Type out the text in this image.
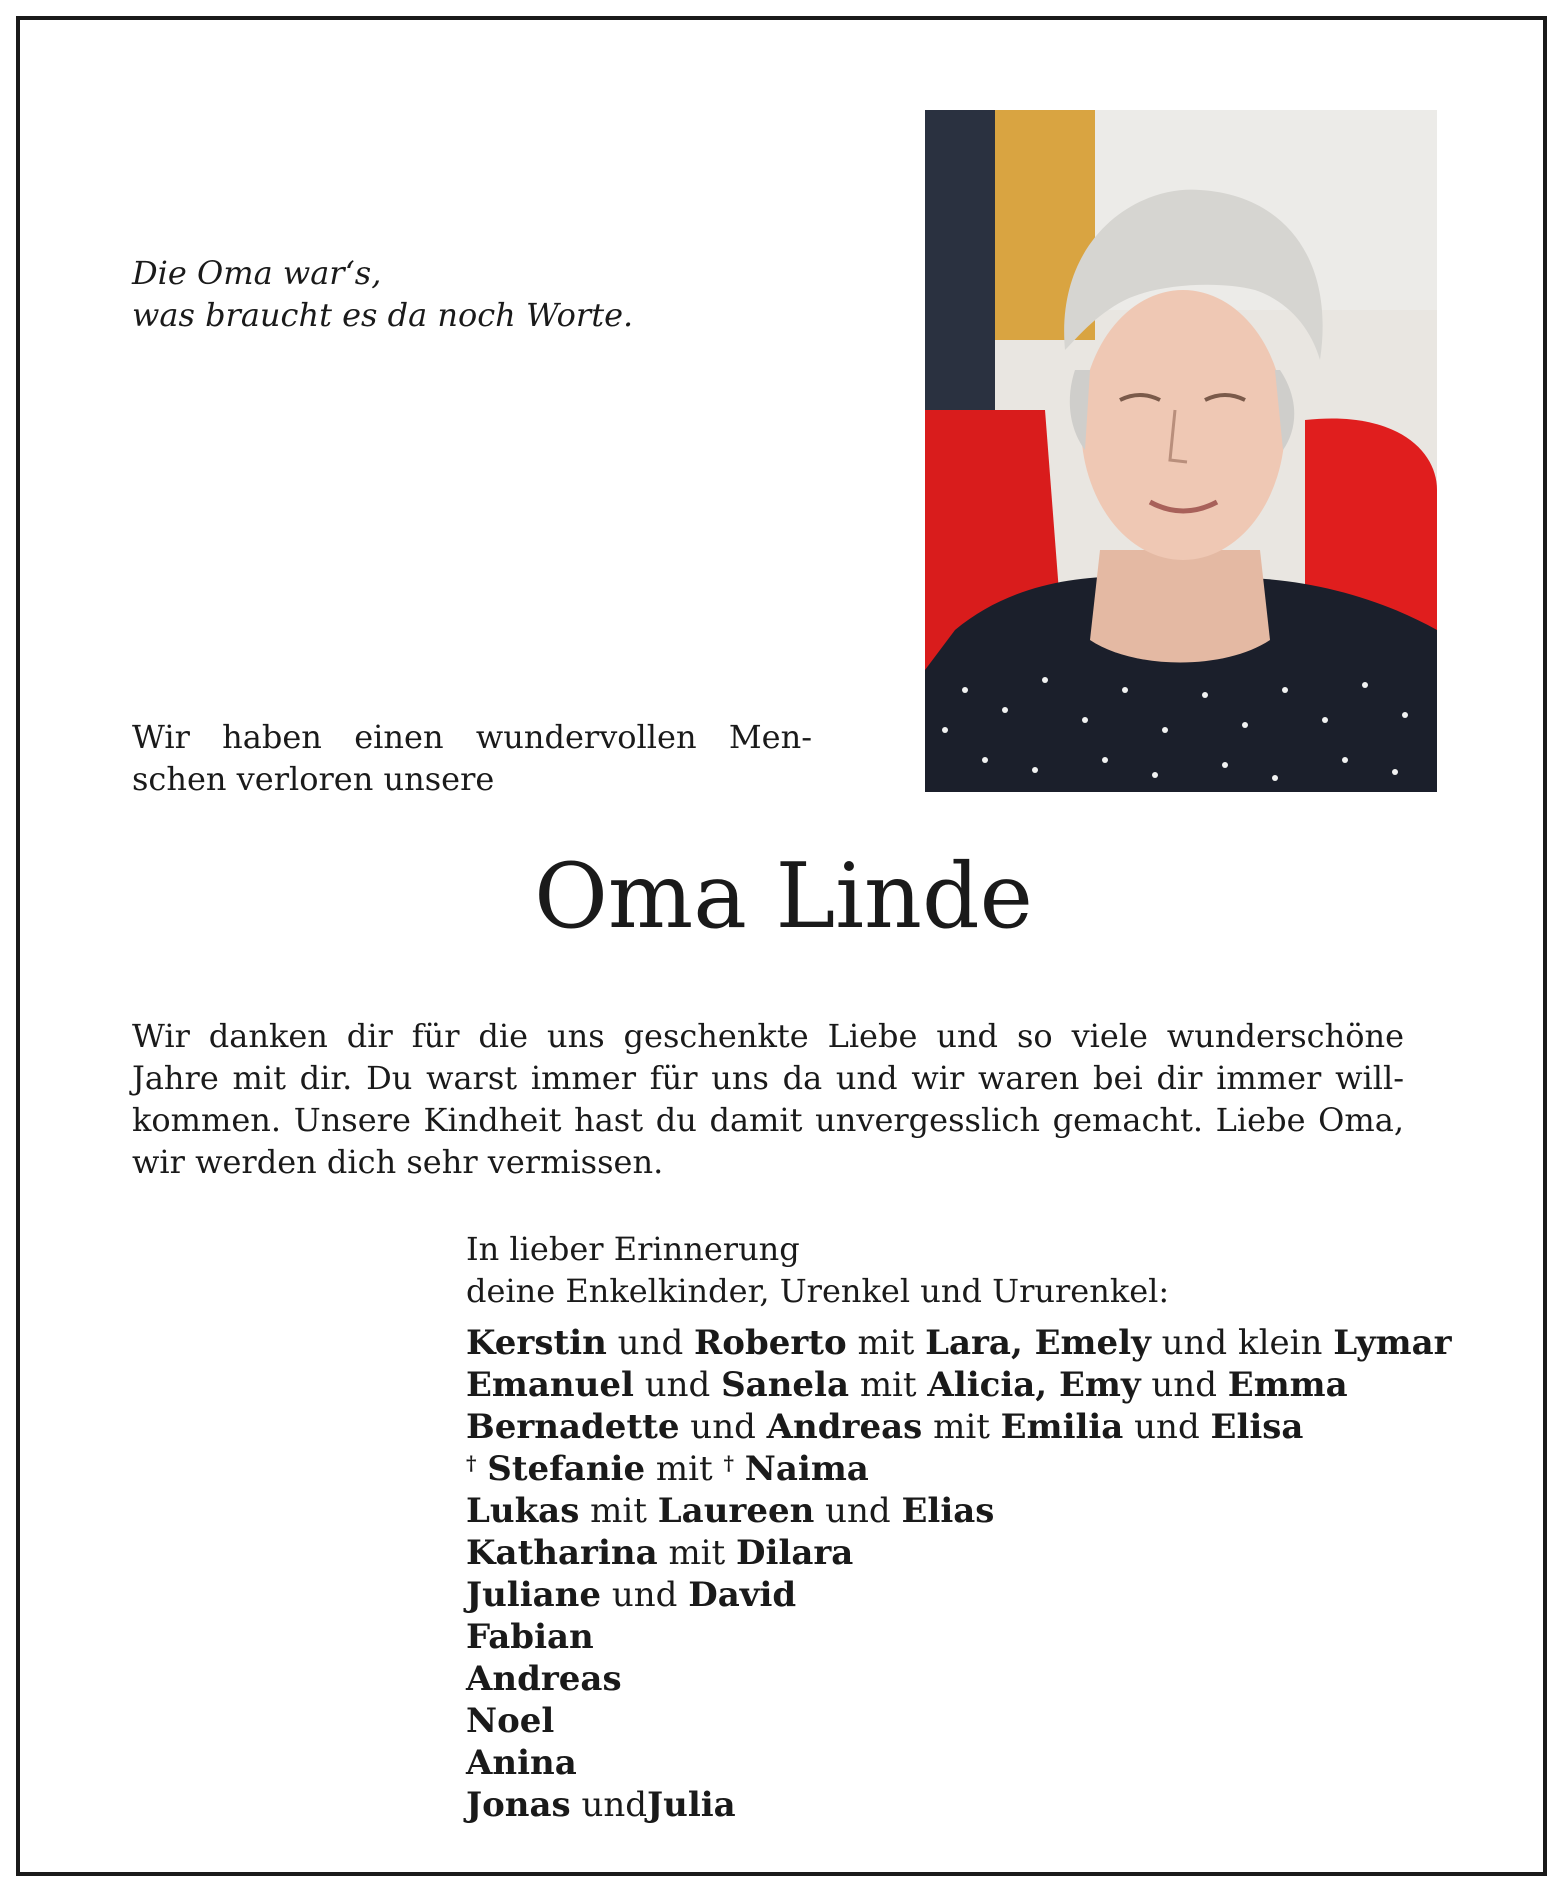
Die Oma war‘s,
was braucht es da noch Worte.

Wir haben einen wundervollen Men-
schen verloren unsere

Oma Linde

Wir danken dir für die uns geschenkte Liebe und so viele wunderschöne
Jahre mit dir. Du warst immer für uns da und wir waren bei dir immer will-
kommen. Unsere Kindheit hast du damit unvergesslich gemacht. Liebe Oma,
wir werden dich sehr vermissen.

In lieber Erinnerung
deine Enkelkinder, Urenkel und Ururenkel:

Kerstin und Roberto mit Lara, Emely und klein Lymar
Emanuel und Sanela mit Alicia, Emy und Emma
Bernadette und Andreas mit Emilia und Elisa
† Stefanie mit † Naima
Lukas mit Laureen und Elias
Katharina mit Dilara
Juliane und David
Fabian
Andreas
Noel
Anina
Jonas undJulia
